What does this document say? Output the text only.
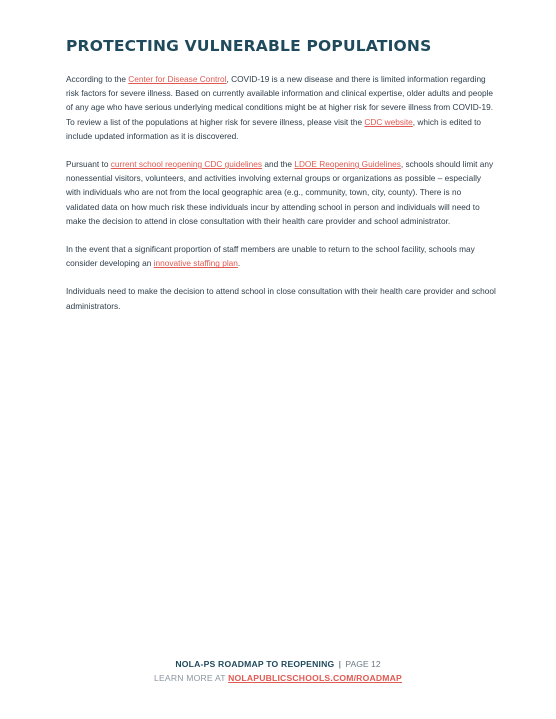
PROTECTING VULNERABLE POPULATIONS

According to the Center for Disease Control, COVID-19 is a new disease and there is limited information regarding risk factors for severe illness. Based on currently available information and clinical expertise, older adults and people of any age who have serious underlying medical conditions might be at higher risk for severe illness from COVID-19. To review a list of the populations at higher risk for severe illness, please visit the CDC website, which is edited to include updated information as it is discovered.

Pursuant to current school reopening CDC guidelines and the LDOE Reopening Guidelines, schools should limit any nonessential visitors, volunteers, and activities involving external groups or organizations as possible – especially with individuals who are not from the local geographic area (e.g., community, town, city, county). There is no validated data on how much risk these individuals incur by attending school in person and individuals will need to make the decision to attend in close consultation with their health care provider and school administrator.

In the event that a significant proportion of staff members are unable to return to the school facility, schools may consider developing an innovative staffing plan.

Individuals need to make the decision to attend school in close consultation with their health care provider and school administrators.

NOLA-PS ROADMAP TO REOPENING | PAGE 12
LEARN MORE AT NOLAPUBLICSCHOOLS.COM/ROADMAP
